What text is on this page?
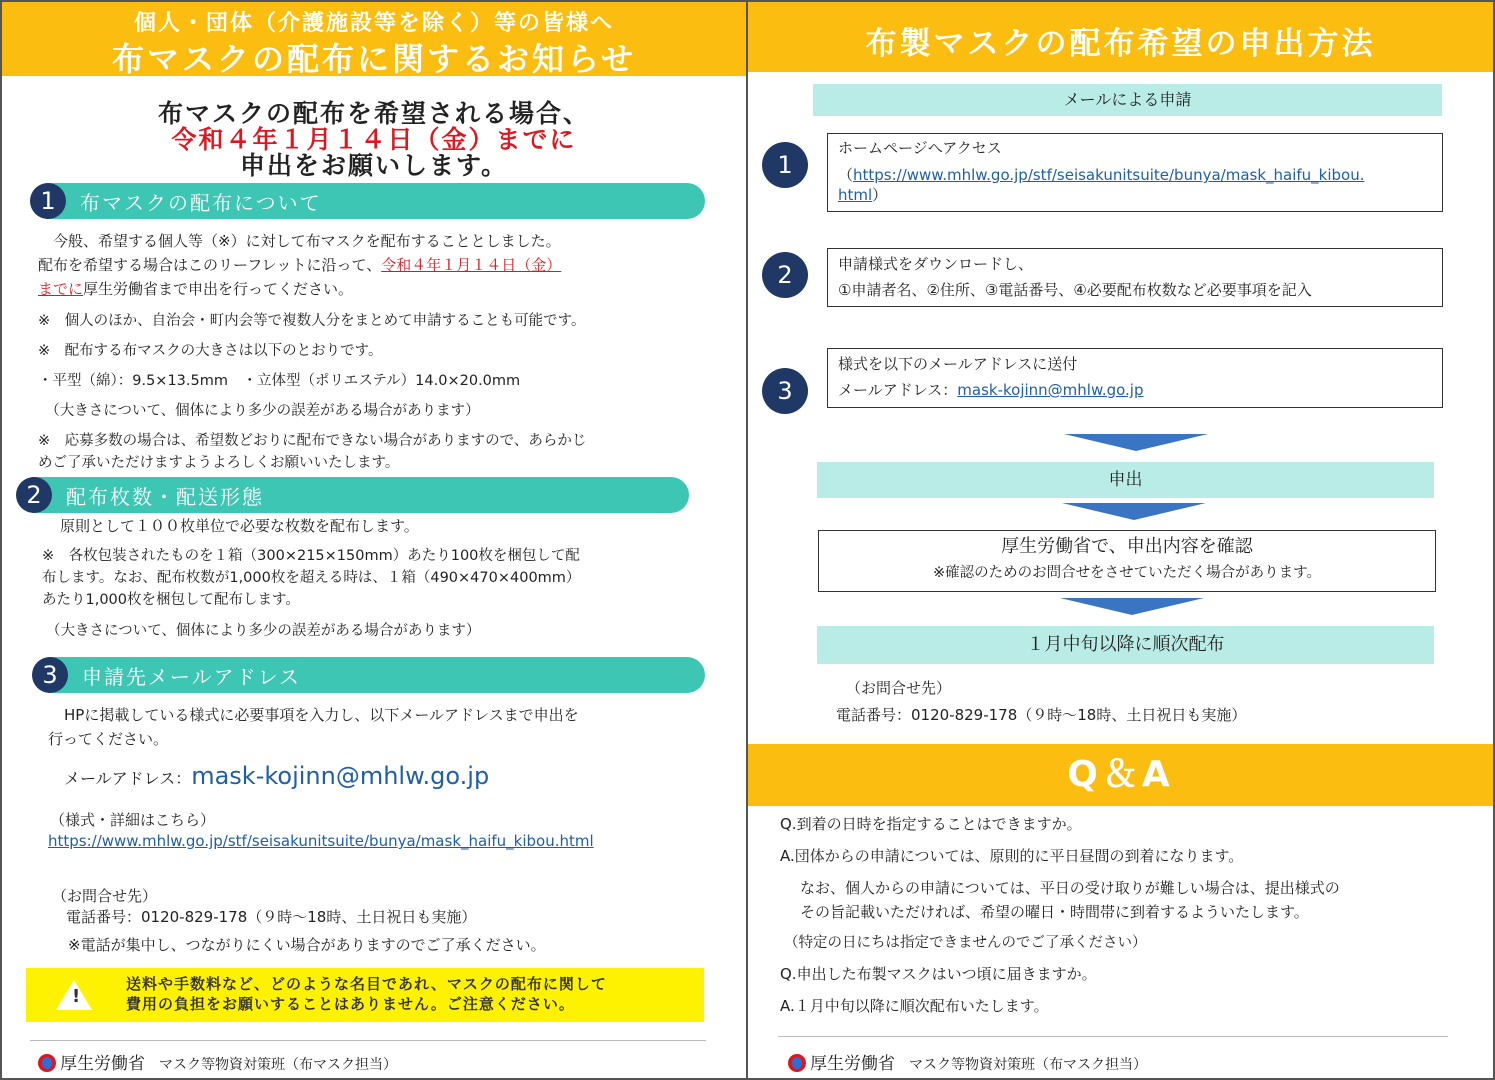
個人・団体（介護施設等を除く）等の皆様へ
布マスクの配布に関するお知らせ
布マスクの配布を希望される場合、
令和４年１月１４日（金）までに
申出をお願いします。
1	布マスクの配布について
　今般、希望する個人等（※）に対して布マスクを配布することとしました。
配布を希望する場合はこのリーフレットに沿って、令和４年１月１４日（金）
までに厚生労働省まで申出を行ってください。
※　個人のほか、自治会・町内会等で複数人分をまとめて申請することも可能です。
※　配布する布マスクの大きさは以下のとおりです。
・平型（綿）：9.5×13.5mm　・立体型（ポリエステル）14.0×20.0mm
　（大きさについて、個体により多少の誤差がある場合があります）
※　応募多数の場合は、希望数どおりに配布できない場合がありますので、あらかじ
めご了承いただけますようよろしくお願いいたします。
2	配布枚数・配送形態
原則として１００枚単位で必要な枚数を配布します。
※　各枚包装されたものを１箱（300×215×150mm）あたり100枚を梱包して配
布します。なお、配布枚数が1,000枚を超える時は、１箱（490×470×400mm）
あたり1,000枚を梱包して配布します。
（大きさについて、個体により多少の誤差がある場合があります）
3	申請先メールアドレス
HPに掲載している様式に必要事項を入力し、以下メールアドレスまで申出を
行ってください。
メールアドレス：mask-kojinn@mhlw.go.jp
（様式・詳細はこちら）
https://www.mhlw.go.jp/stf/seisakunitsuite/bunya/mask_haifu_kibou.html
（お問合せ先）
電話番号：0120-829-178（９時～18時、土日祝日も実施）
※電話が集中し、つながりにくい場合がありますのでご了承ください。
!
送料や手数料など、どのような名目であれ、マスクの配布に関して
費用の負担をお願いすることはありません。ご注意ください。
厚生労働省 マスク等物資対策班（布マスク担当）
布製マスクの配布希望の申出方法
メールによる申請
1
ホームページへアクセス
（https://www.mhlw.go.jp/stf/seisakunitsuite/bunya/mask_haifu_kibou.
html）
2	申請様式をダウンロードし、
①申請者名、②住所、③電話番号、④必要配布枚数など必要事項を記入
3
様式を以下のメールアドレスに送付
メールアドレス：mask-kojinn@mhlw.go.jp
申出
厚生労働省で、申出内容を確認
※確認のためのお問合せをさせていただく場合があります。
１月中旬以降に順次配布
（お問合せ先）
電話番号：0120-829-178（９時～18時、土日祝日も実施）
Q＆A
Q.到着の日時を指定することはできますか。
A.団体からの申請については、原則的に平日昼間の到着になります。
なお、個人からの申請については、平日の受け取りが難しい場合は、提出様式の
その旨記載いただければ、希望の曜日・時間帯に到着するよういたします。
（特定の日にちは指定できませんのでご了承ください）
Q.申出した布製マスクはいつ頃に届きますか。
A.１月中旬以降に順次配布いたします。
厚生労働省 マスク等物資対策班（布マスク担当）
